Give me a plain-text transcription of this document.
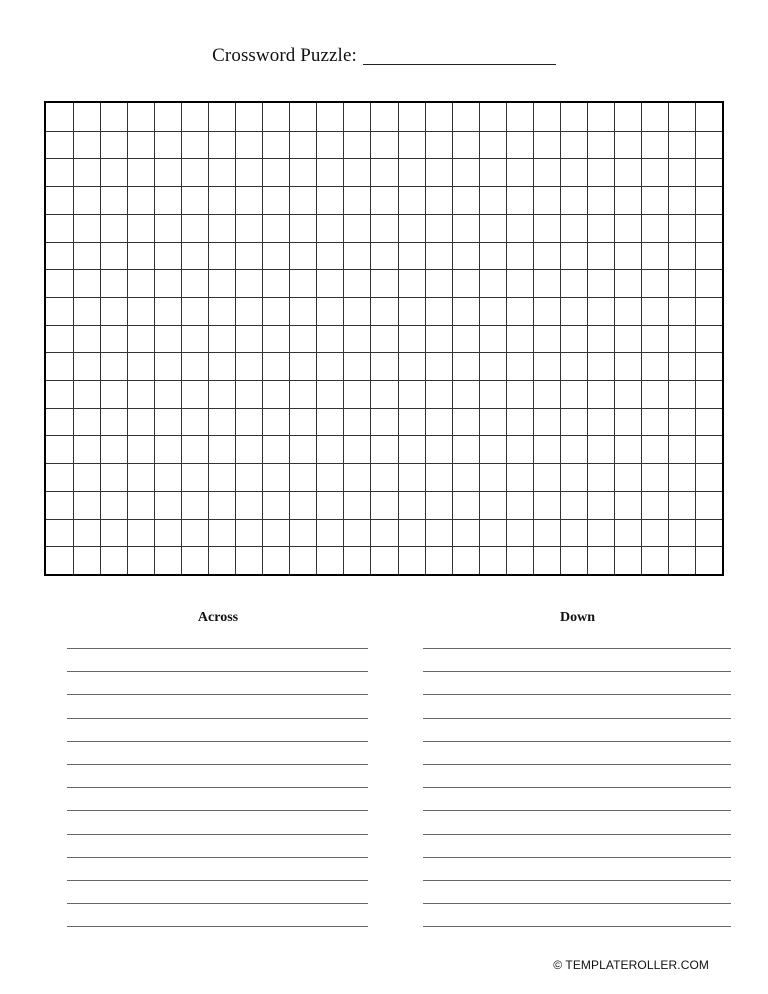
Crossword Puzzle:
Across	Down
© TEMPLATEROLLER.COM
